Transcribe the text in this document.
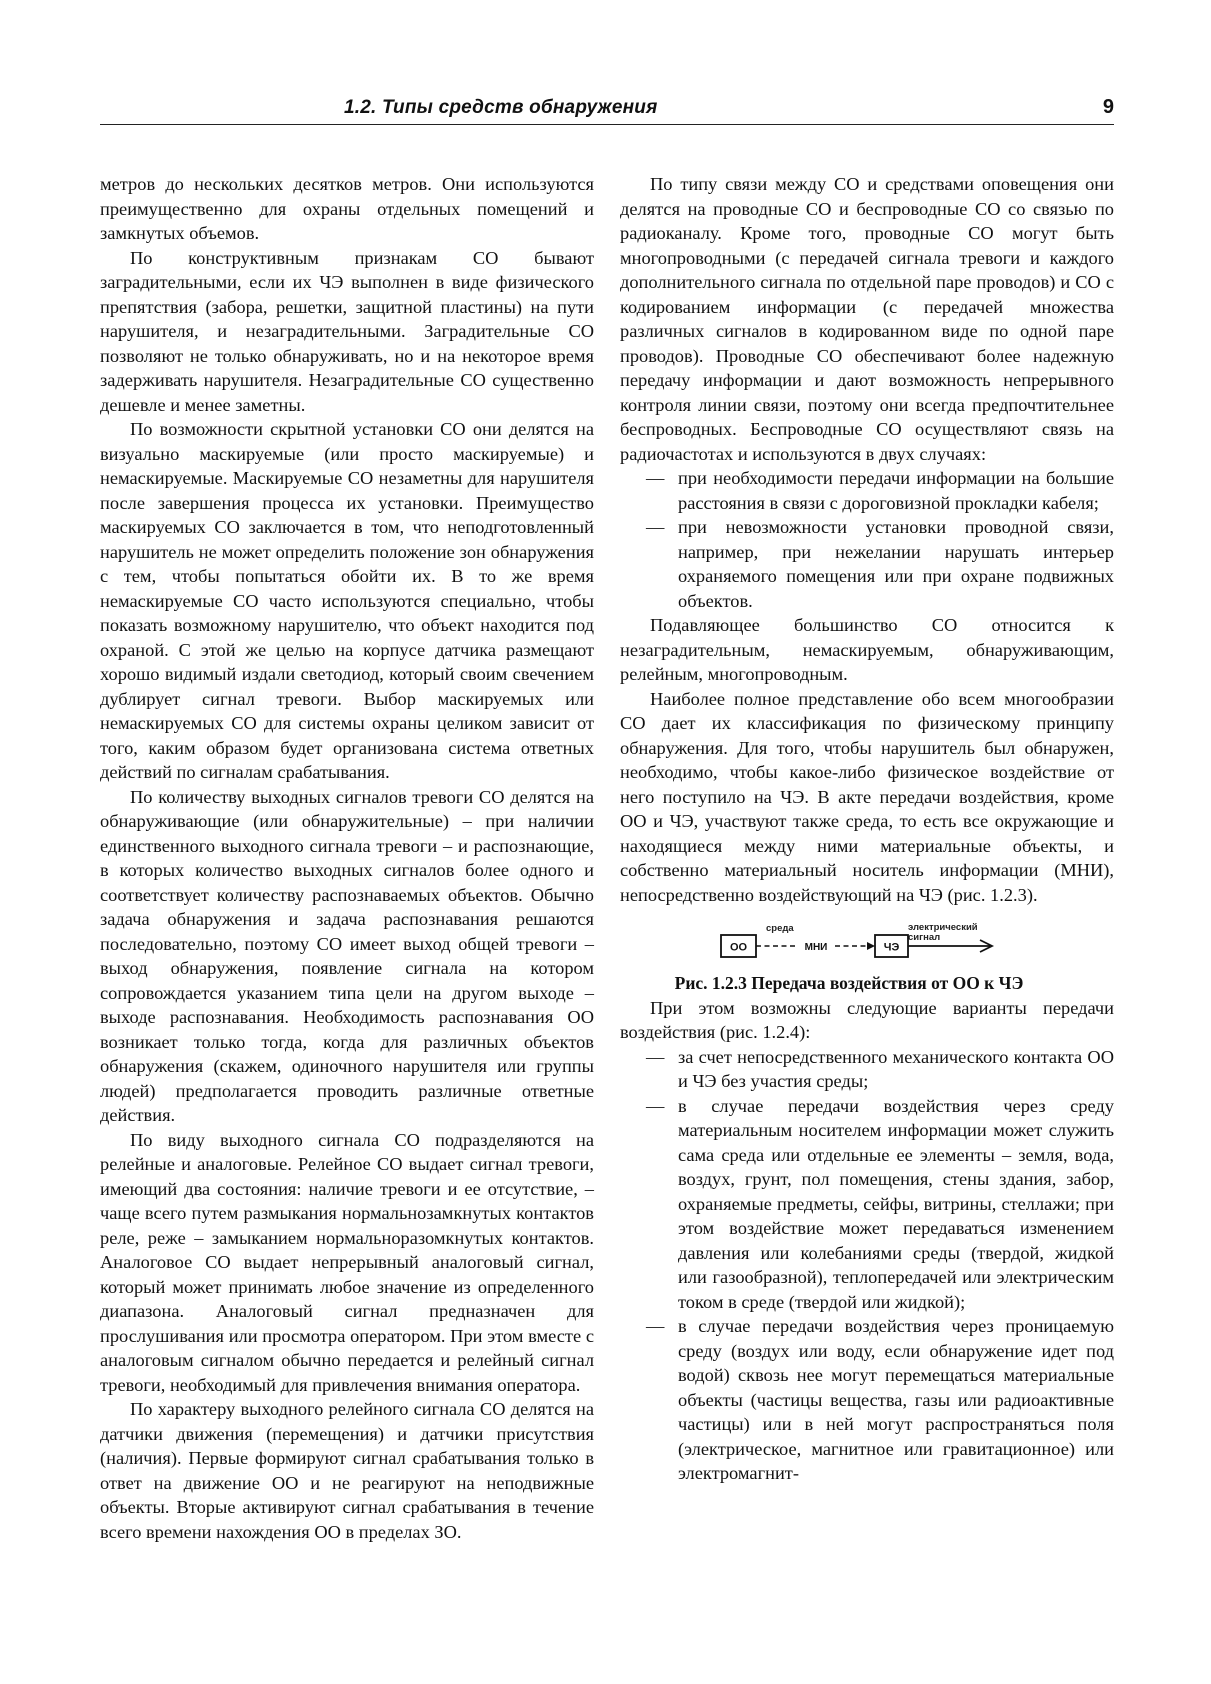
1.2. Типы средств обнаружения	9

метров до нескольких десятков метров. Они используются преимущественно для охраны отдельных помещений и замкнутых объемов.

По конструктивным признакам СО бывают заградительными, если их ЧЭ выполнен в виде физического препятствия (забора, решетки, защитной пластины) на пути нарушителя, и незаградительными. Заградительные СО позволяют не только обнаруживать, но и на некоторое время задерживать нарушителя. Незаградительные СО существенно дешевле и менее заметны.

По возможности скрытной установки СО они делятся на визуально маскируемые (или просто маскируемые) и немаскируемые. Маскируемые СО незаметны для нарушителя после завершения процесса их установки. Преимущество маскируемых СО заключается в том, что неподготовленный нарушитель не может определить положение зон обнаружения с тем, чтобы попытаться обойти их. В то же время немаскируемые СО часто используются специально, чтобы показать возможному нарушителю, что объект находится под охраной. С этой же целью на корпусе датчика размещают хорошо видимый издали светодиод, который своим свечением дублирует сигнал тревоги. Выбор маскируемых или немаскируемых СО для системы охраны целиком зависит от того, каким образом будет организована система ответных действий по сигналам срабатывания.

По количеству выходных сигналов тревоги СО делятся на обнаруживающие (или обнаружительные) – при наличии единственного выходного сигнала тревоги – и распознающие, в которых количество выходных сигналов более одного и соответствует количеству распознаваемых объектов. Обычно задача обнаружения и задача распознавания решаются последовательно, поэтому СО имеет выход общей тревоги – выход обнаружения, появление сигнала на котором сопровождается указанием типа цели на другом выходе – выходе распознавания. Необходимость распознавания ОО возникает только тогда, когда для различных объектов обнаружения (скажем, одиночного нарушителя или группы людей) предполагается проводить различные ответные действия.

По виду выходного сигнала СО подразделяются на релейные и аналоговые. Релейное СО выдает сигнал тревоги, имеющий два состояния: наличие тревоги и ее отсутствие, – чаще всего путем размыкания нормальнозамкнутых контактов реле, реже – замыканием нормальноразомкнутых контактов. Аналоговое СО выдает непрерывный аналоговый сигнал, который может принимать любое значение из определенного диапазона. Аналоговый сигнал предназначен для прослушивания или просмотра оператором. При этом вместе с аналоговым сигналом обычно передается и релейный сигнал тревоги, необходимый для привлечения внимания оператора.

По характеру выходного релейного сигнала СО делятся на датчики движения (перемещения) и датчики присутствия (наличия). Первые формируют сигнал срабатывания только в ответ на движение ОО и не реагируют на неподвижные объекты. Вторые активируют сигнал срабатывания в течение всего времени нахождения ОО в пределах ЗО.

По типу связи между СО и средствами оповещения они делятся на проводные СО и беспроводные СО со связью по радиоканалу. Кроме того, проводные СО могут быть многопроводными (с передачей сигнала тревоги и каждого дополнительного сигнала по отдельной паре проводов) и СО с кодированием информации (с передачей множества различных сигналов в кодированном виде по одной паре проводов). Проводные СО обеспечивают более надежную передачу информации и дают возможность непрерывного контроля линии связи, поэтому они всегда предпочтительнее беспроводных. Беспроводные СО осуществляют связь на радиочастотах и используются в двух случаях:

— при необходимости передачи информации на большие расстояния в связи с дороговизной прокладки кабеля;
— при невозможности установки проводной связи, например, при нежелании нарушать интерьер охраняемого помещения или при охране подвижных объектов.

Подавляющее большинство СО относится к незаградительным, немаскируемым, обнаруживающим, релейным, многопроводным.

Наиболее полное представление обо всем многообразии СО дает их классификация по физическому принципу обнаружения. Для того, чтобы нарушитель был обнаружен, необходимо, чтобы какое-либо физическое воздействие от него поступило на ЧЭ. В акте передачи воздействия, кроме ОО и ЧЭ, участвуют также среда, то есть все окружающие и находящиеся между ними материальные объекты, и собственно материальный носитель информации (МНИ), непосредственно воздействующий на ЧЭ (рис. 1.2.3).

среда	электрический
сигнал
ОО	МНИ	ЧЭ

Рис. 1.2.3 Передача воздействия от ОО к ЧЭ

При этом возможны следующие варианты передачи воздействия (рис. 1.2.4):

— за счет непосредственного механического контакта ОО и ЧЭ без участия среды;
— в случае передачи воздействия через среду материальным носителем информации может служить сама среда или отдельные ее элементы – земля, вода, воздух, грунт, пол помещения, стены здания, забор, охраняемые предметы, сейфы, витрины, стеллажи; при этом воздействие может передаваться изменением давления или колебаниями среды (твердой, жидкой или газообразной), теплопередачей или электрическим током в среде (твердой или жидкой);
— в случае передачи воздействия через проницаемую среду (воздух или воду, если обнаружение идет под водой) сквозь нее могут перемещаться материальные объекты (частицы вещества, газы или радиоактивные частицы) или в ней могут распространяться поля (электрическое, магнитное или гравитационное) или электромагнит-
